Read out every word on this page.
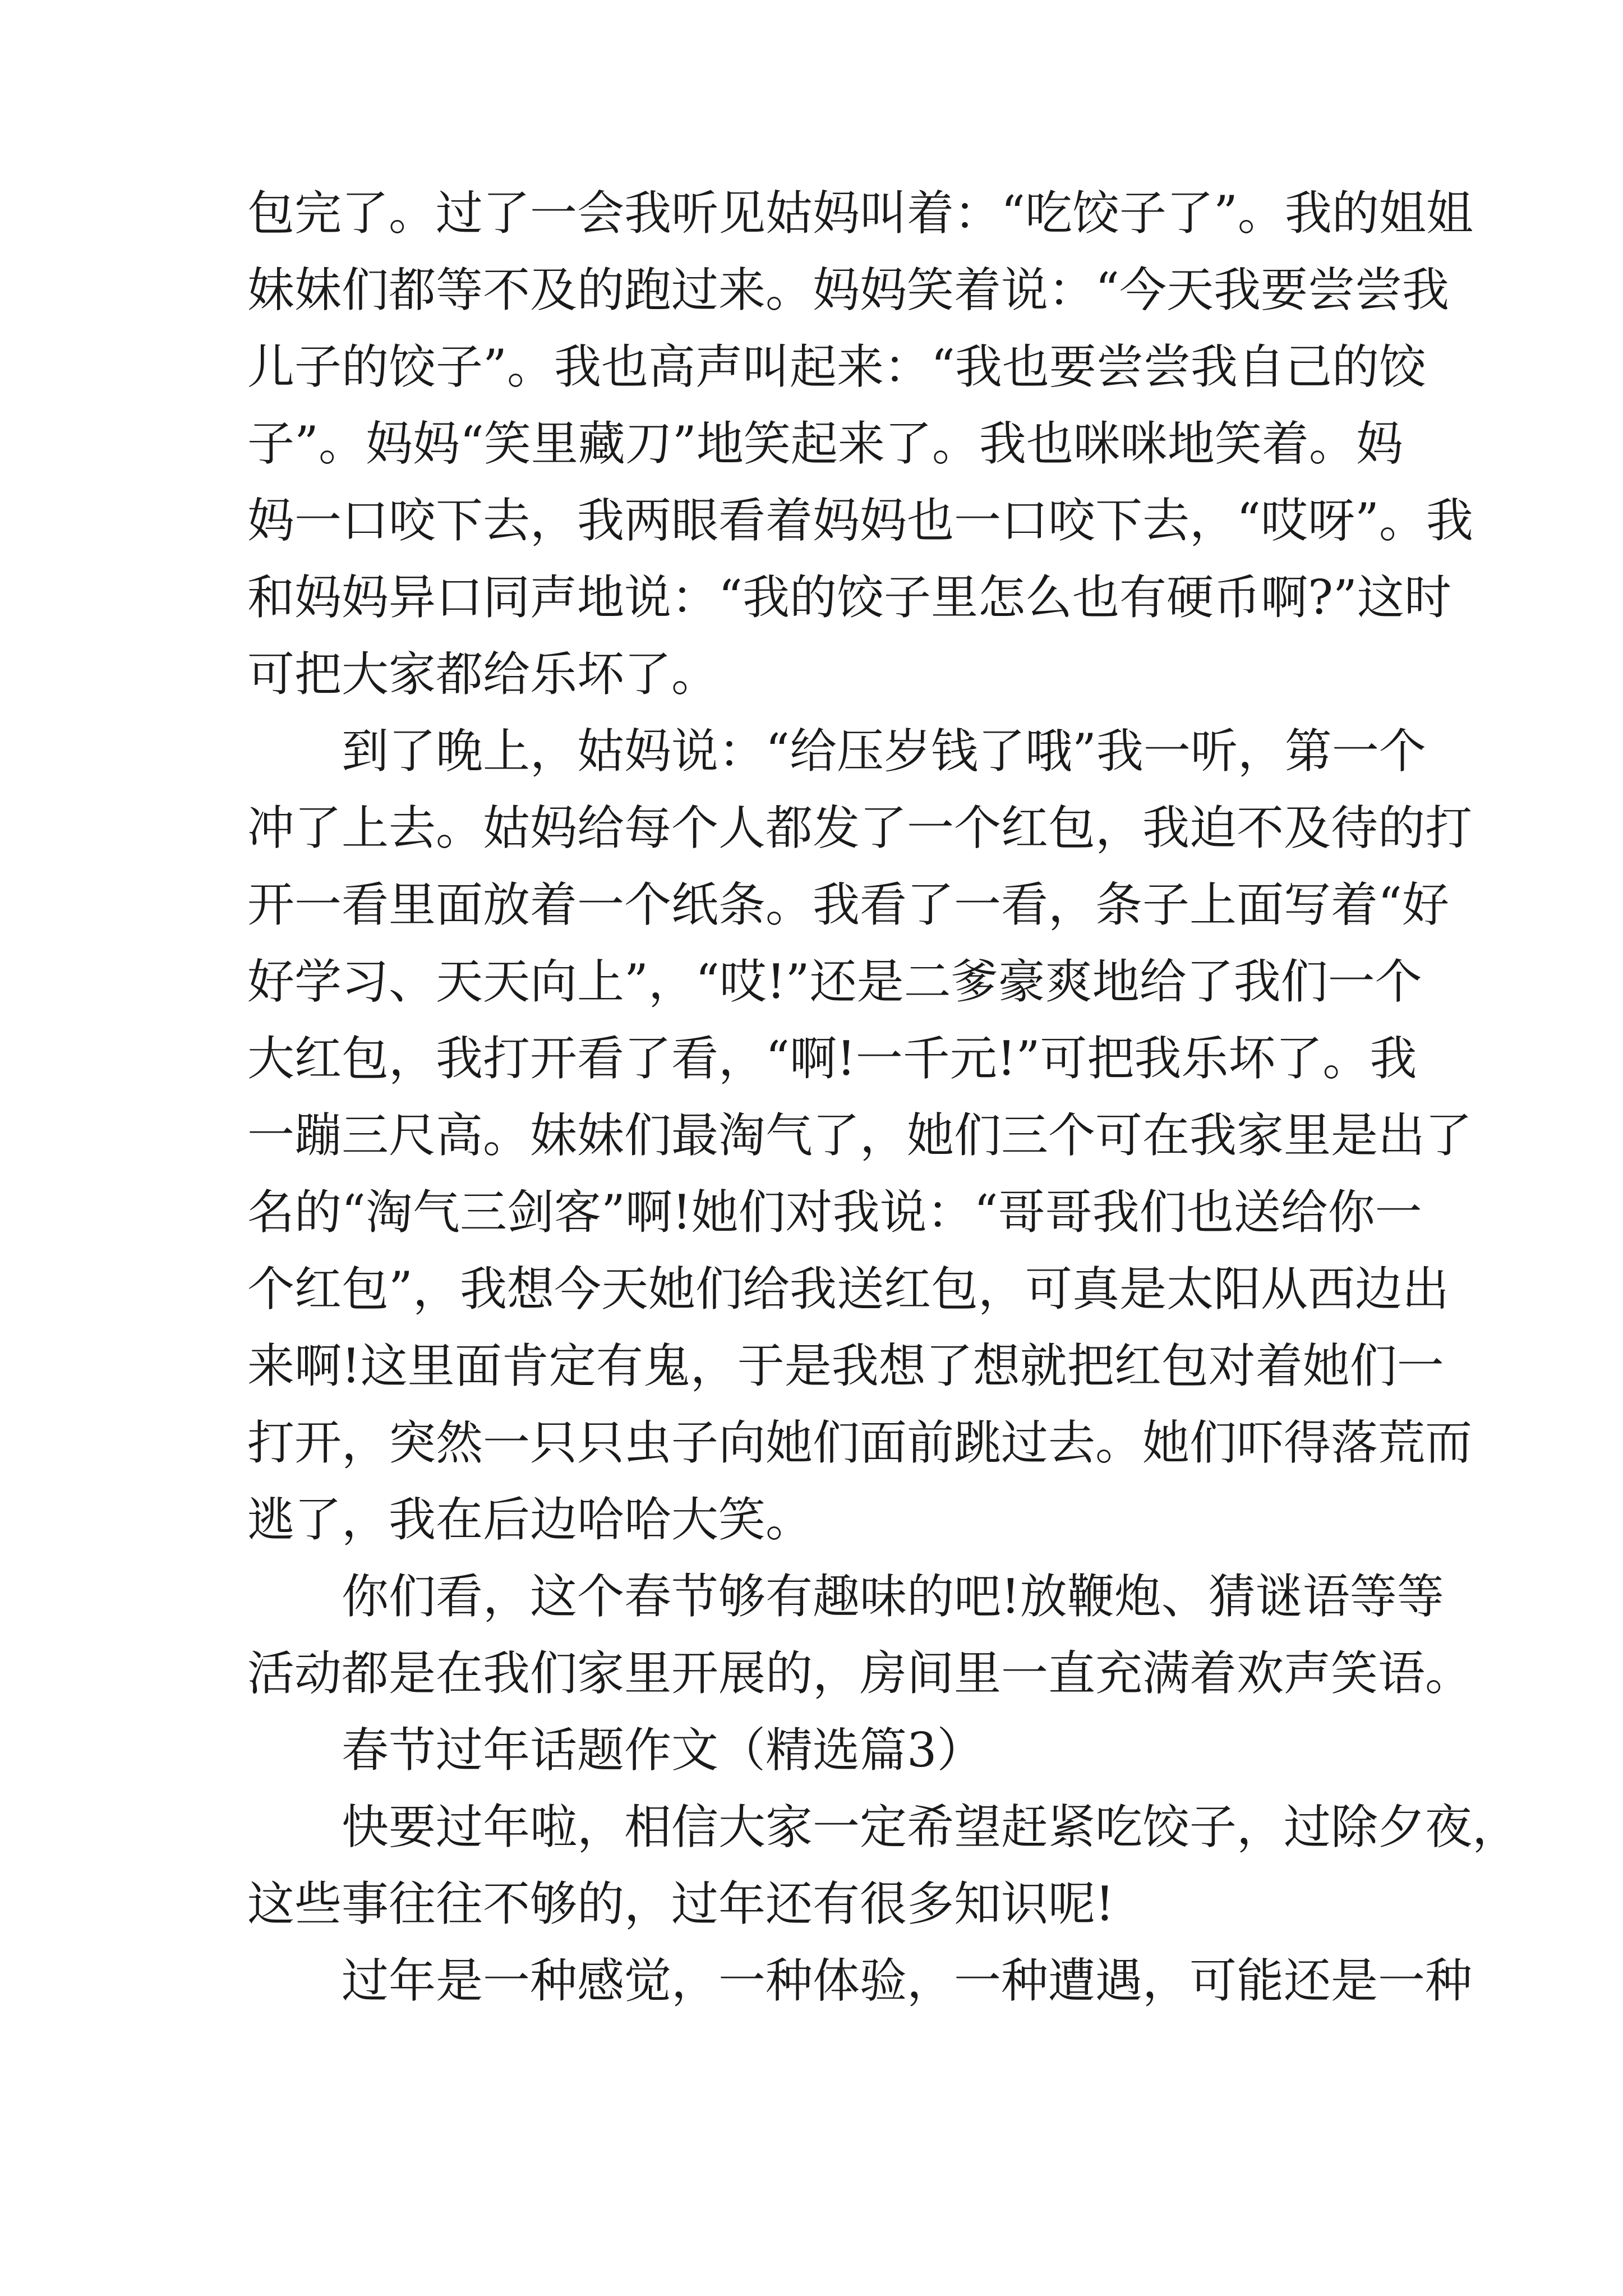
包完了。过了一会我听见姑妈叫着：“吃饺子了”。我的姐姐
妹妹们都等不及的跑过来。妈妈笑着说：“今天我要尝尝我
儿子的饺子”。我也高声叫起来：“我也要尝尝我自己的饺
子”。妈妈“笑里藏刀”地笑起来了。我也咪咪地笑着。妈
妈一口咬下去，我两眼看着妈妈也一口咬下去，“哎呀”。我
和妈妈异口同声地说：“我的饺子里怎么也有硬币啊?”这时
可把大家都给乐坏了。
到了晚上，姑妈说：“给压岁钱了哦”我一听，第一个
冲了上去。姑妈给每个人都发了一个红包，我迫不及待的打
开一看里面放着一个纸条。我看了一看，条子上面写着“好
好学习、天天向上”，“哎!”还是二爹豪爽地给了我们一个
大红包，我打开看了看，“啊!一千元!”可把我乐坏了。我
一蹦三尺高。妹妹们最淘气了，她们三个可在我家里是出了
名的“淘气三剑客”啊!她们对我说：“哥哥我们也送给你一
个红包”，我想今天她们给我送红包，可真是太阳从西边出
来啊!这里面肯定有鬼，于是我想了想就把红包对着她们一
打开，突然一只只虫子向她们面前跳过去。她们吓得落荒而
逃了，我在后边哈哈大笑。
你们看，这个春节够有趣味的吧!放鞭炮、猜谜语等等
活动都是在我们家里开展的，房间里一直充满着欢声笑语。
春节过年话题作文（精选篇3）
快要过年啦，相信大家一定希望赶紧吃饺子，过除夕夜，
这些事往往不够的，过年还有很多知识呢!
过年是一种感觉，一种体验，一种遭遇，可能还是一种
